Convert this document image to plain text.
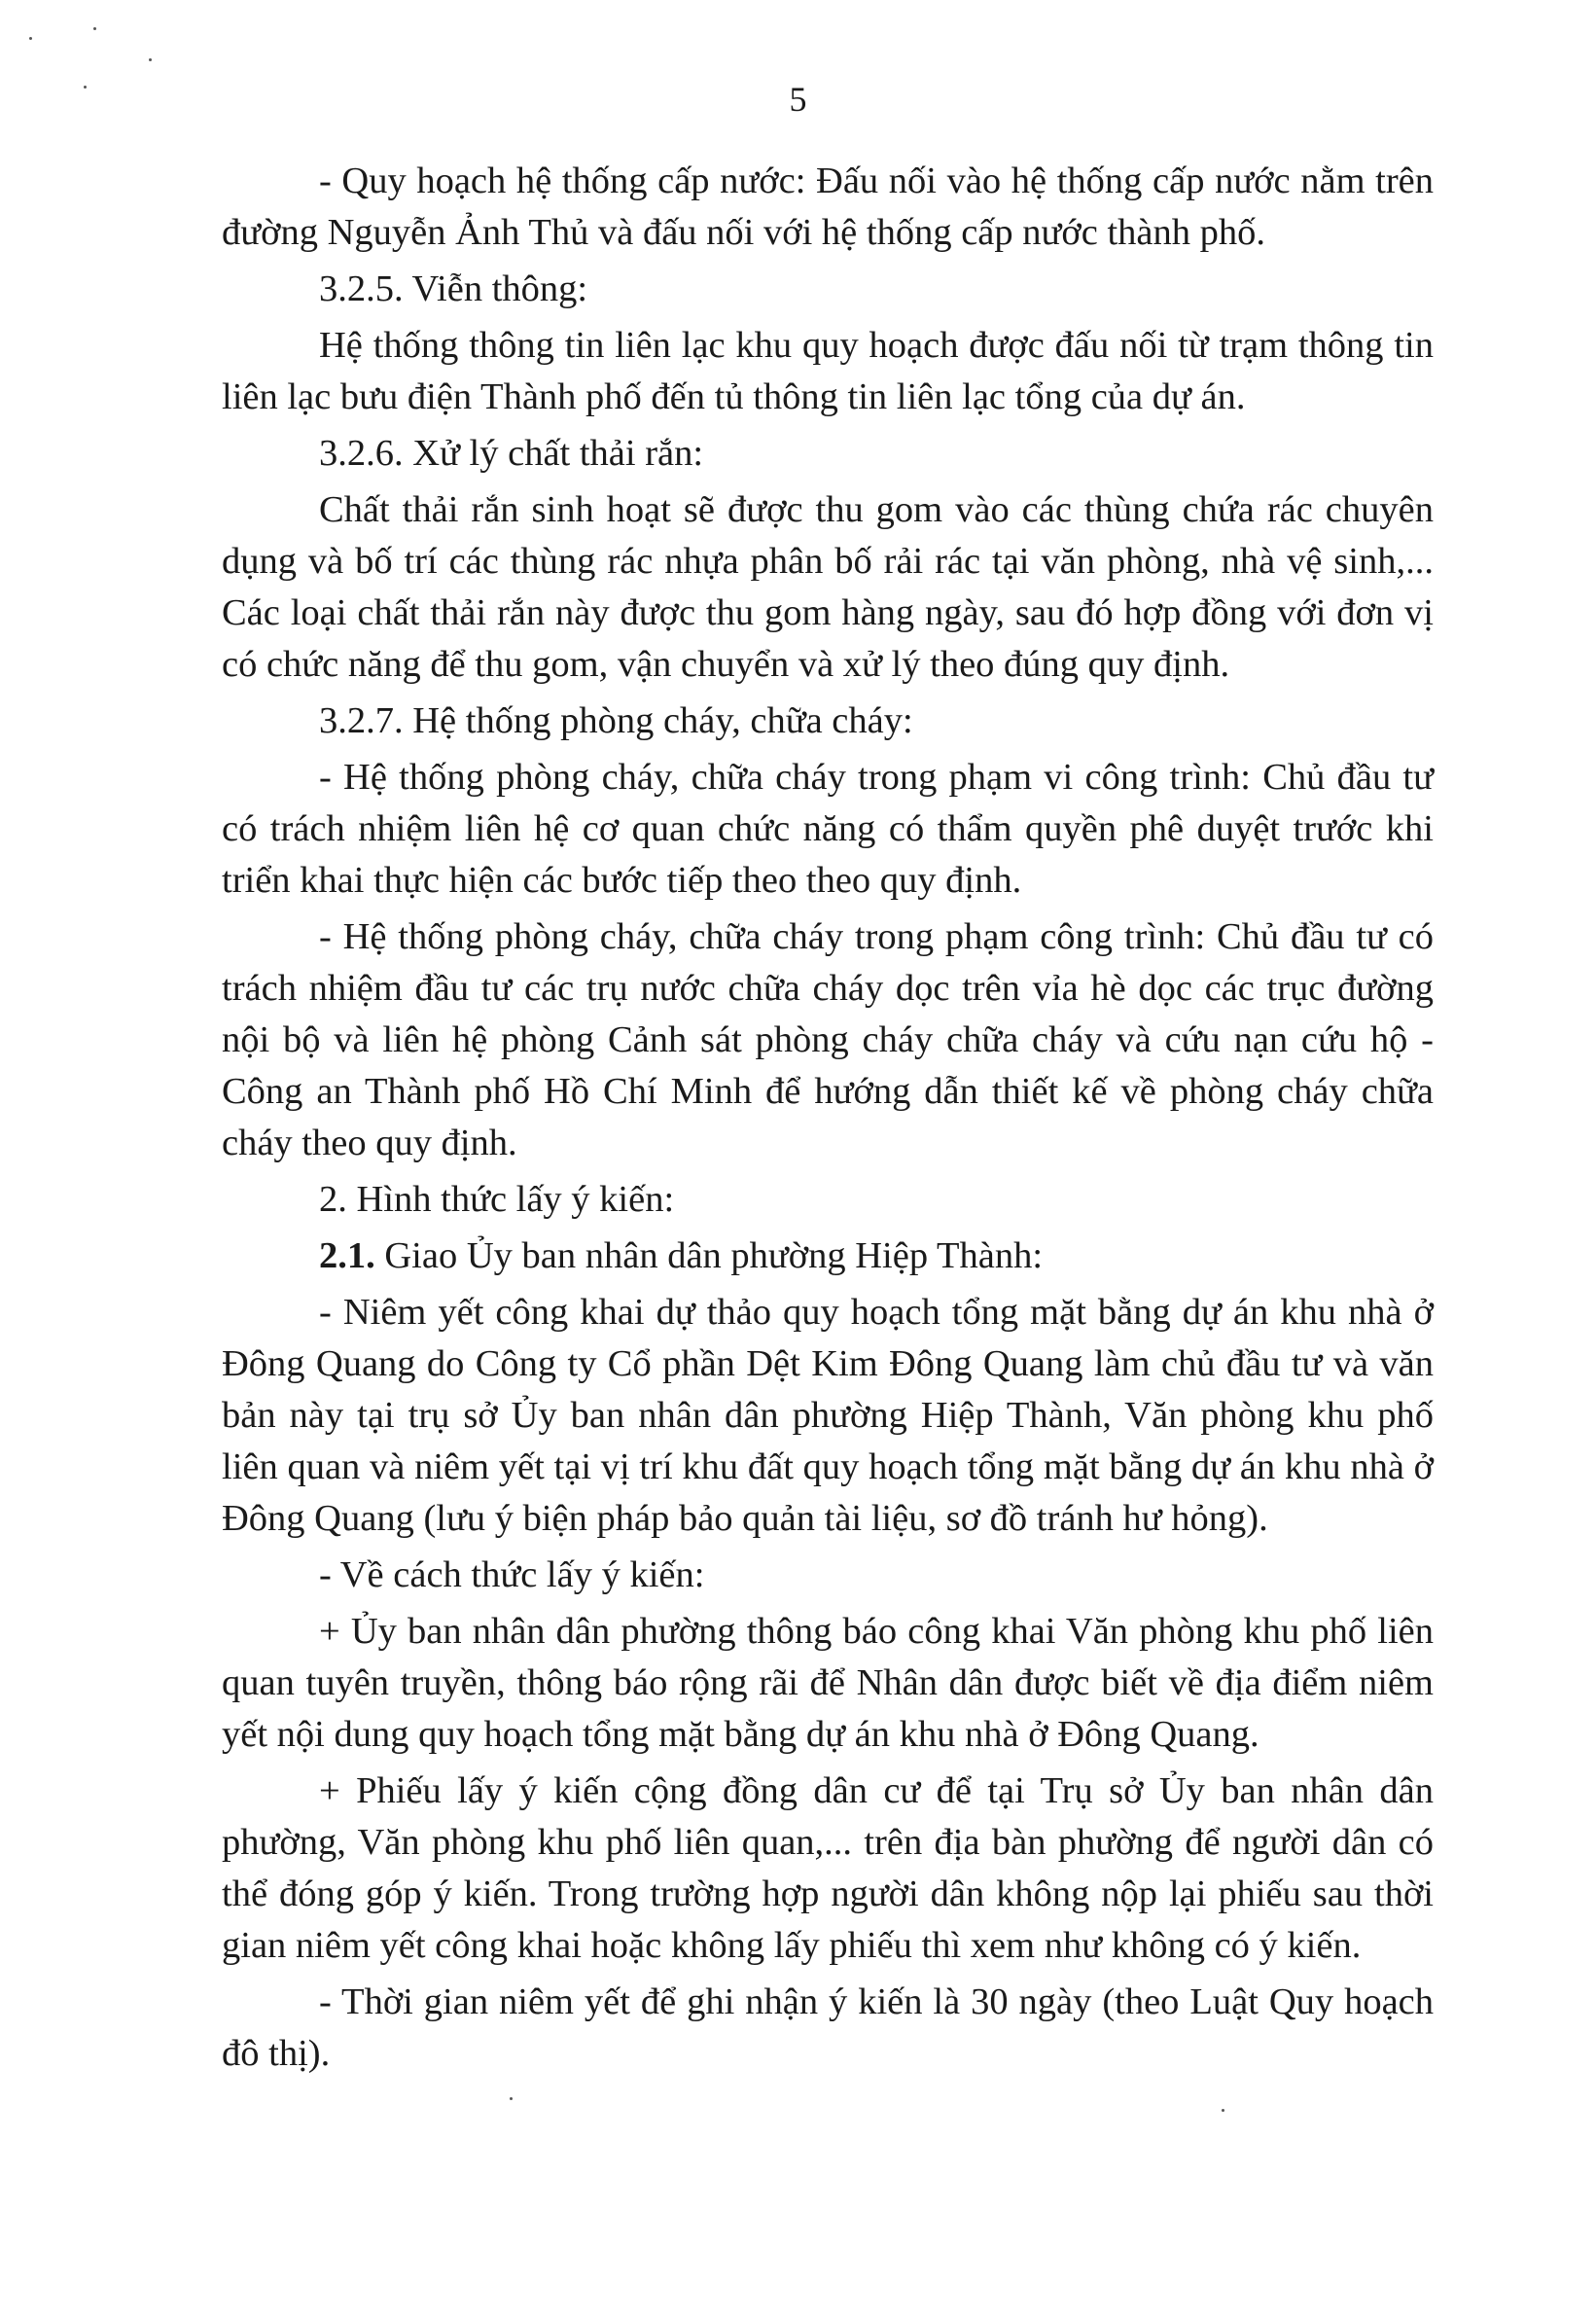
5

- Quy hoạch hệ thống cấp nước: Đấu nối vào hệ thống cấp nước nằm trên đường Nguyễn Ảnh Thủ và đấu nối với hệ thống cấp nước thành phố.

3.2.5. Viễn thông:

Hệ thống thông tin liên lạc khu quy hoạch được đấu nối từ trạm thông tin liên lạc bưu điện Thành phố đến tủ thông tin liên lạc tổng của dự án.

3.2.6. Xử lý chất thải rắn:

Chất thải rắn sinh hoạt sẽ được thu gom vào các thùng chứa rác chuyên dụng và bố trí các thùng rác nhựa phân bố rải rác tại văn phòng, nhà vệ sinh,... Các loại chất thải rắn này được thu gom hàng ngày, sau đó hợp đồng với đơn vị có chức năng để thu gom, vận chuyển và xử lý theo đúng quy định.

3.2.7. Hệ thống phòng cháy, chữa cháy:

- Hệ thống phòng cháy, chữa cháy trong phạm vi công trình: Chủ đầu tư có trách nhiệm liên hệ cơ quan chức năng có thẩm quyền phê duyệt trước khi triển khai thực hiện các bước tiếp theo theo quy định.

- Hệ thống phòng cháy, chữa cháy trong phạm công trình: Chủ đầu tư có trách nhiệm đầu tư các trụ nước chữa cháy dọc trên vỉa hè dọc các trục đường nội bộ và liên hệ phòng Cảnh sát phòng cháy chữa cháy và cứu nạn cứu hộ - Công an Thành phố Hồ Chí Minh để hướng dẫn thiết kế về phòng cháy chữa cháy theo quy định.

2. Hình thức lấy ý kiến:

2.1. Giao Ủy ban nhân dân phường Hiệp Thành:

- Niêm yết công khai dự thảo quy hoạch tổng mặt bằng dự án khu nhà ở Đông Quang do Công ty Cổ phần Dệt Kim Đông Quang làm chủ đầu tư và văn bản này tại trụ sở Ủy ban nhân dân phường Hiệp Thành, Văn phòng khu phố liên quan và niêm yết tại vị trí khu đất quy hoạch tổng mặt bằng dự án khu nhà ở Đông Quang (lưu ý biện pháp bảo quản tài liệu, sơ đồ tránh hư hỏng).

- Về cách thức lấy ý kiến:

+ Ủy ban nhân dân phường thông báo công khai Văn phòng khu phố liên quan tuyên truyền, thông báo rộng rãi để Nhân dân được biết về địa điểm niêm yết nội dung quy hoạch tổng mặt bằng dự án khu nhà ở Đông Quang.

+ Phiếu lấy ý kiến cộng đồng dân cư để tại Trụ sở Ủy ban nhân dân phường, Văn phòng khu phố liên quan,... trên địa bàn phường để người dân có thể đóng góp ý kiến. Trong trường hợp người dân không nộp lại phiếu sau thời gian niêm yết công khai hoặc không lấy phiếu thì xem như không có ý kiến.

- Thời gian niêm yết để ghi nhận ý kiến là 30 ngày (theo Luật Quy hoạch đô thị).
